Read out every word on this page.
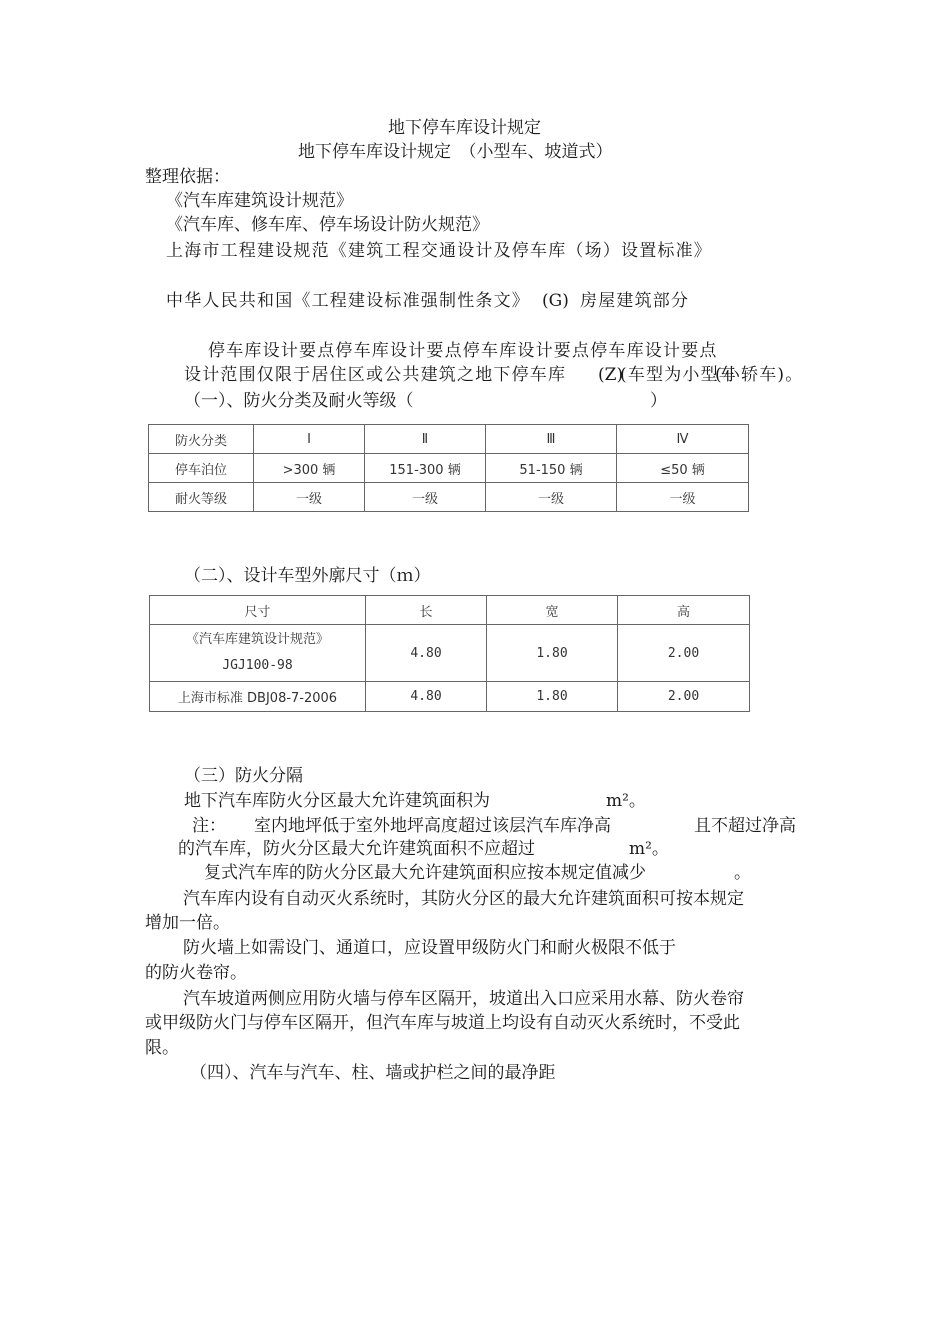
地下停车库设计规定
地下停车库设计规定　（小型车、坡道式）
整理依据：
《汽车库建筑设计规范》
《汽车库、修车库、停车场设计防火规范》
上海市工程建设规范《建筑工程交通设计及停车库（场）设置标准》
中华人民共和国《工程建设标准强制性条文》 (G) 房屋建筑部分
停车库设计要点停车库设计要点停车库设计要点停车库设计要点
设计范围仅限于居住区或公共建筑之地下停车库 (Z)
(车型为小型车
(小轿车)。
（一）、防火分类及耐火等级（	）
防火分类	Ⅰ	Ⅱ	Ⅲ	Ⅳ
停车泊位	>300 辆	151-300 辆	51-150 辆	≤50 辆
耐火等级	一级	一级	一级	一级
（二）、设计车型外廓尺寸（ｍ）
尺寸	长	宽	高

《汽车库建筑设计规范》
JGJ100-98	4.80	1.80	2.00
上海市标准 DBJ08-7-2006	4.80	1.80	2.00
（三）防火分隔
地下汽车库防火分区最大允许建筑面积为	m²。
注： 室内地坪低于室外地坪高度超过该层汽车库净高	且不超过净高
的汽车库，防火分区最大允许建筑面积不应超过	m²。
复式汽车库的防火分区最大允许建筑面积应按本规定值减少	。
汽车库内设有自动灭火系统时，其防火分区的最大允许建筑面积可按本规定
增加一倍。
防火墙上如需设门、通道口，应设置甲级防火门和耐火极限不低于
的防火卷帘。
汽车坡道两侧应用防火墙与停车区隔开，坡道出入口应采用水幕、防火卷帘
或甲级防火门与停车区隔开，但汽车库与坡道上均设有自动灭火系统时，不受此
限。
（四）、汽车与汽车、柱、墙或护栏之间的最净距
